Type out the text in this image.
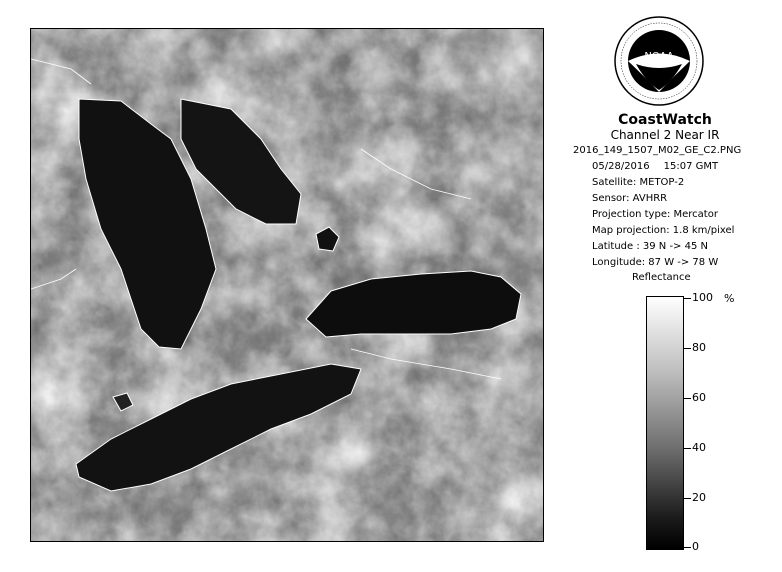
NOAA
CoastWatch
Channel 2 Near IR
2016_149_1507_M02_GE_C2.PNG
05/28/2016 15:07 GMT
Satellite: METOP-2
Sensor: AVHRR
Projection type: Mercator
Map projection: 1.8 km/pixel
Latitude : 39 N -> 45 N
Longitude: 87 W -> 78 W
Reflectance
%
100
80
60
40
20
0
